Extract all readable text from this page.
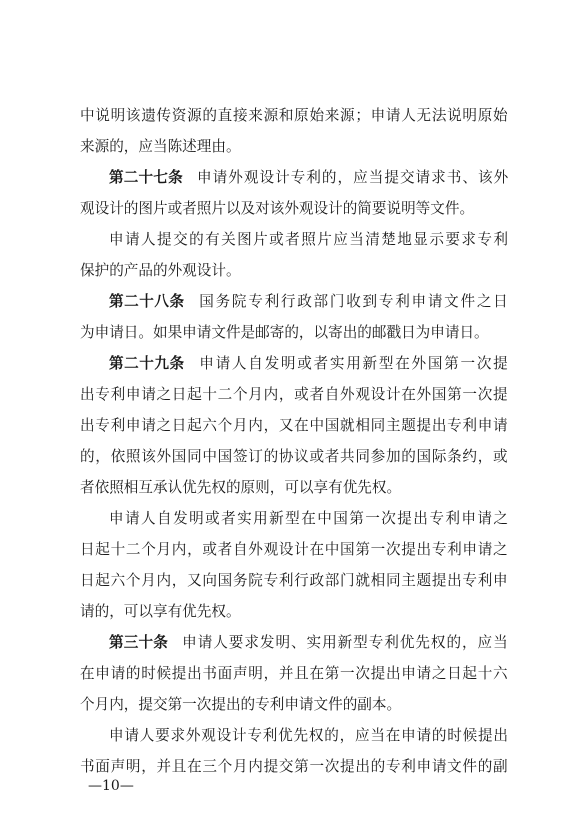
中 说 明 该 遗 传 资 源 的 直 接 来 源 和 原 始 来 源 ； 申 请 人 无 法 说 明 原 始
来源的，应当陈述理由。
第二十七条 申 请 外 观 设 计 专 利 的 ， 应 当 提 交 请 求 书 、 该 外
观设计的图片或者照片以及对该外观设计的简要说明等文件。
申 请 人 提 交 的 有 关 图 片 或 者 照 片 应 当 清 楚 地 显 示 要 求 专 利
保护的产品的外观设计。
第二十八条 国 务 院 专 利 行 政 部 门 收 到 专 利 申 请 文 件 之 日
为申请日。如果申请文件是邮寄的，以寄出的邮戳日为申请日。
第二十九条 申 请 人 自 发 明 或 者 实 用 新 型 在 外 国 第 一 次 提
出 专 利 申 请 之 日 起 十 二 个 月 内 ， 或 者 自 外 观 设 计 在 外 国 第 一 次 提
出 专 利 申 请 之 日 起 六 个 月 内 ， 又 在 中 国 就 相 同 主 题 提 出 专 利 申 请
的 ， 依 照 该 外 国 同 中 国 签 订 的 协 议 或 者 共 同 参 加 的 国 际 条 约 ， 或
者依照相互承认优先权的原则，可以享有优先权。
申 请 人 自 发 明 或 者 实 用 新 型 在 中 国 第 一 次 提 出 专 利 申 请 之
日 起 十 二 个 月 内 ， 或 者 自 外 观 设 计 在 中 国 第 一 次 提 出 专 利 申 请 之
日 起 六 个 月 内 ， 又 向 国 务 院 专 利 行 政 部 门 就 相 同 主 题 提 出 专 利 申
请的，可以享有优先权。
第三十条 申 请 人 要 求 发 明 、 实 用 新 型 专 利 优 先 权 的 ， 应 当
在 申 请 的 时 候 提 出 书 面 声 明 ， 并 且 在 第 一 次 提 出 申 请 之 日 起 十 六
个月内，提交第一次提出的专利申请文件的副本。
申 请 人 要 求 外 观 设 计 专 利 优 先 权 的 ， 应 当 在 申 请 的 时 候 提 出
书 面 声 明 ， 并 且 在 三 个 月 内 提 交 第 一 次 提 出 的 专 利 申 请 文 件 的 副
—10—
